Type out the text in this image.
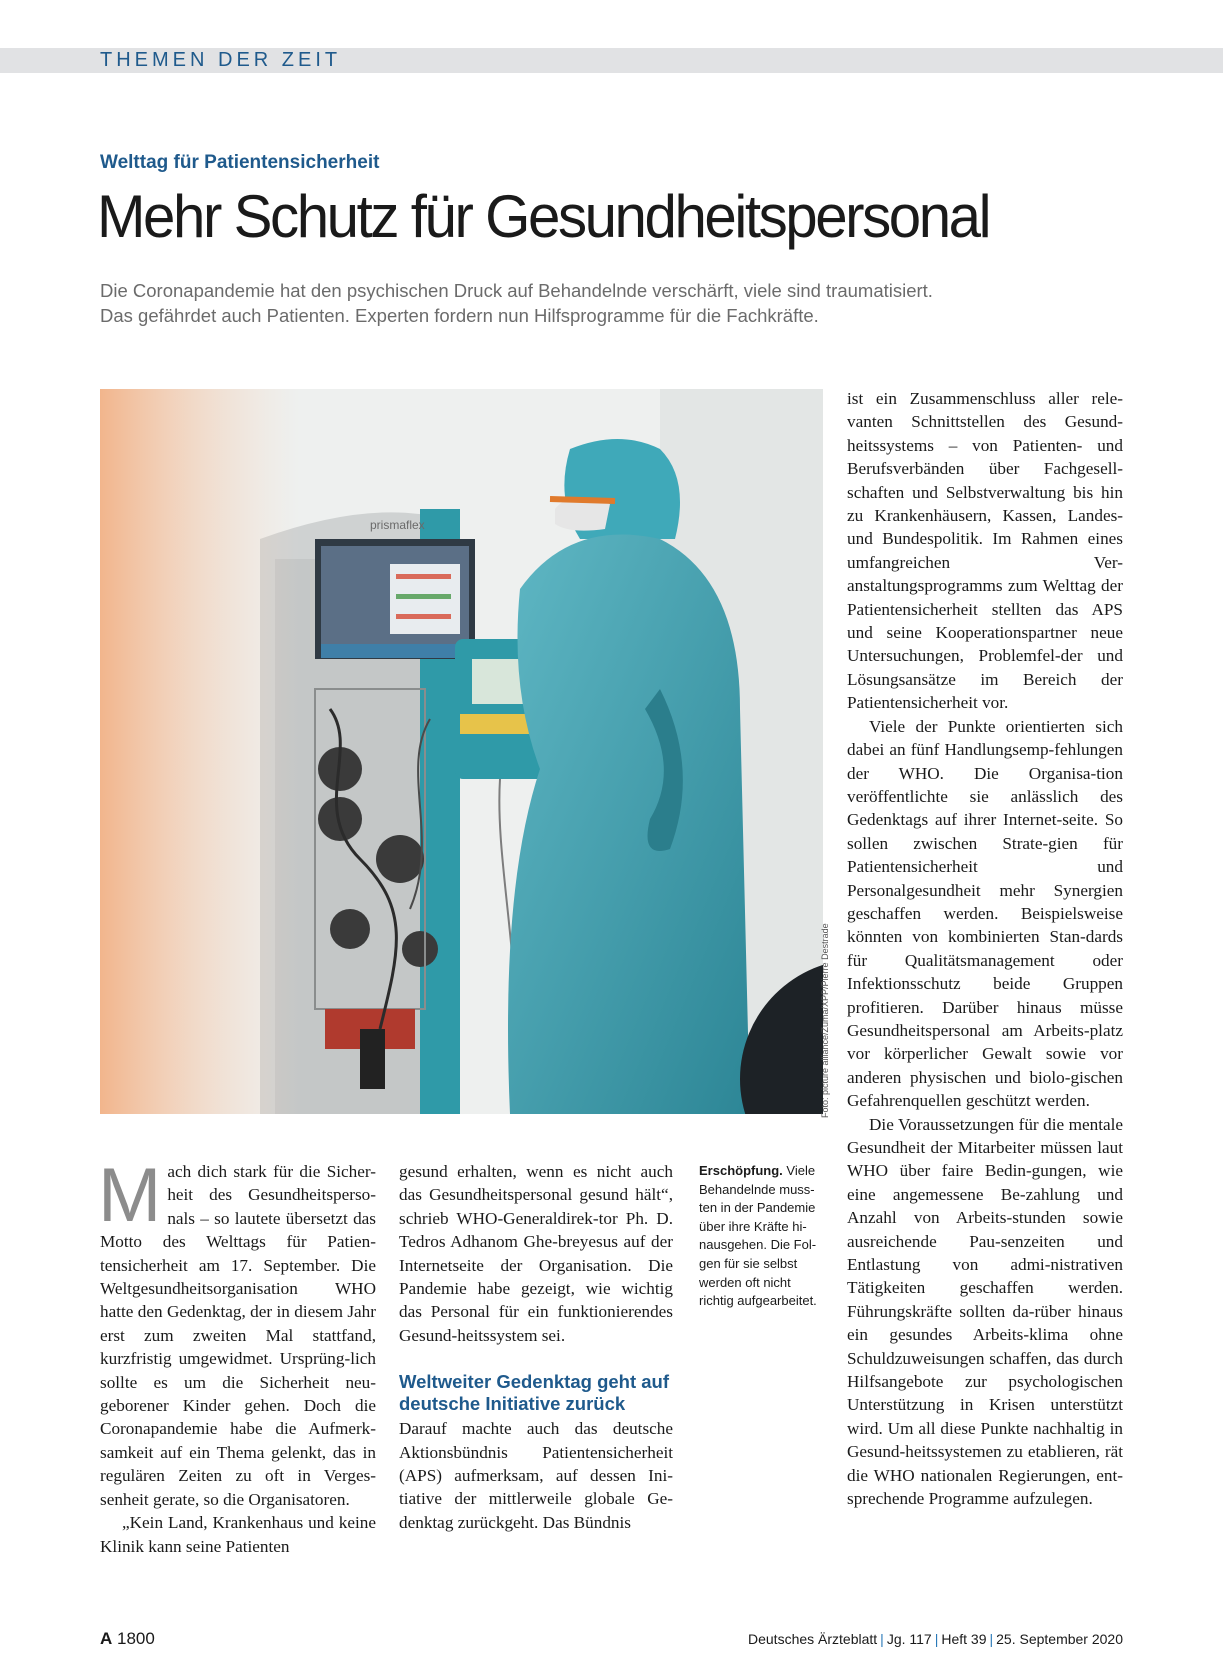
THEMEN DER ZEIT
Welttag für Patientensicherheit
Mehr Schutz für Gesundheitspersonal
Die Coronapandemie hat den psychischen Druck auf Behandelnde verschärft, viele sind traumatisiert.
Das gefährdet auch Patienten. Experten fordern nun Hilfsprogramme für die Fachkräfte.
prismaflex
Foto: picture alliance/Zuma/XPP/Pierre Destrade

Mach dich stark für die Sicher-heit des Gesundheitsperso-nals – so lautete übersetzt das Motto des Welttags für Patien-tensicherheit am 17. September. Die Weltgesundheitsorganisation WHO hatte den Gedenktag, der in diesem Jahr erst zum zweiten Mal stattfand, kurzfristig umgewidmet. Ursprüng-lich sollte es um die Sicherheit neu-geborener Kinder gehen. Doch die Coronapandemie habe die Aufmerk-samkeit auf ein Thema gelenkt, das in regulären Zeiten zu oft in Verges-senheit gerate, so die Organisatoren.

„Kein Land, Krankenhaus und keine Klinik kann seine Patienten

gesund erhalten, wenn es nicht auch das Gesundheitspersonal gesund hält“, schrieb WHO-Generaldirek-tor Ph. D. Tedros Adhanom Ghe-breyesus auf der Internetseite der Organisation. Die Pandemie habe gezeigt, wie wichtig das Personal für ein funktionierendes Gesund-heitssystem sei.

Weltweiter Gedenktag geht auf deutsche Initiative zurück

Darauf machte auch das deutsche Aktionsbündnis Patientensicherheit (APS) aufmerksam, auf dessen Ini-tiative der mittlerweile globale Ge-denktag zurückgeht. Das Bündnis

Erschöpfung. Viele Behandelnde muss-ten in der Pandemie über ihre Kräfte hi-nausgehen. Die Fol-gen für sie selbst werden oft nicht richtig aufgearbeitet.

ist ein Zusammenschluss aller rele-vanten Schnittstellen des Gesund-heitssystems – von Patienten- und Berufsverbänden über Fachgesell-schaften und Selbstverwaltung bis hin zu Krankenhäusern, Kassen, Landes- und Bundespolitik. Im Rahmen eines umfangreichen Ver-anstaltungsprogramms zum Welttag der Patientensicherheit stellten das APS und seine Kooperationspartner neue Untersuchungen, Problemfel-der und Lösungsansätze im Bereich der Patientensicherheit vor.

Viele der Punkte orientierten sich dabei an fünf Handlungsemp-fehlungen der WHO. Die Organisa-tion veröffentlichte sie anlässlich des Gedenktags auf ihrer Internet-seite. So sollen zwischen Strate-gien für Patientensicherheit und Personalgesundheit mehr Synergien geschaffen werden. Beispielsweise könnten von kombinierten Stan-dards für Qualitätsmanagement oder Infektionsschutz beide Gruppen profitieren. Darüber hinaus müsse Gesundheitspersonal am Arbeits-platz vor körperlicher Gewalt sowie vor anderen physischen und biolo-gischen Gefahrenquellen geschützt werden.

Die Voraussetzungen für die mentale Gesundheit der Mitarbeiter müssen laut WHO über faire Bedin-gungen, wie eine angemessene Be-zahlung und Anzahl von Arbeits-stunden sowie ausreichende Pau-senzeiten und Entlastung von admi-nistrativen Tätigkeiten geschaffen werden. Führungskräfte sollten da-rüber hinaus ein gesundes Arbeits-klima ohne Schuldzuweisungen schaffen, das durch Hilfsangebote zur psychologischen Unterstützung in Krisen unterstützt wird. Um all diese Punkte nachhaltig in Gesund-heitssystemen zu etablieren, rät die WHO nationalen Regierungen, ent-sprechende Programme aufzulegen.

A 1800	Deutsches Ärzteblatt | Jg. 117 | Heft 39 | 25. September 2020
